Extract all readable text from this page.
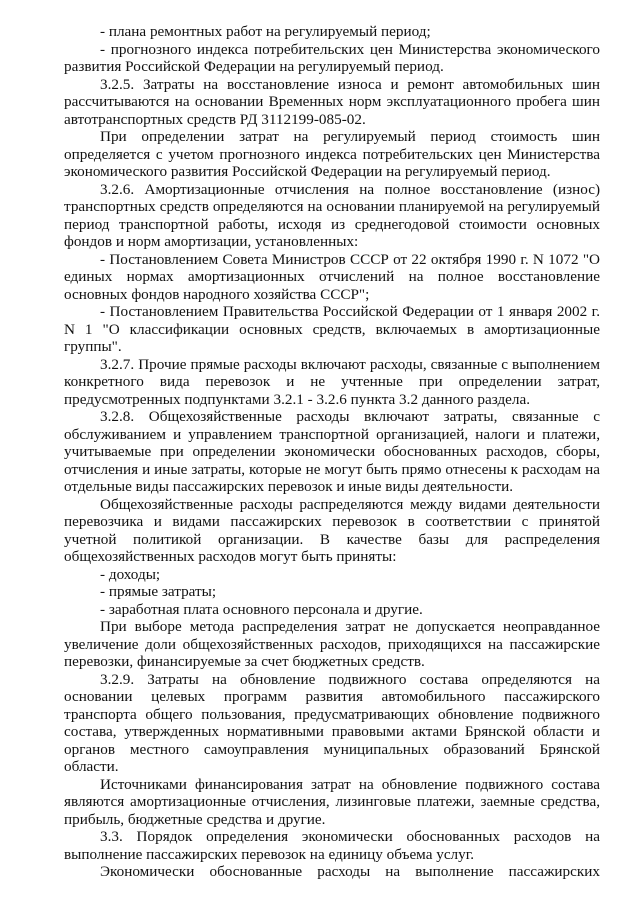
- плана ремонтных работ на регулируемый период;

- прогнозного индекса потребительских цен Министерства экономического развития Российской Федерации на регулируемый период.

3.2.5. Затраты на восстановление износа и ремонт автомобильных шин рассчитываются на основании Временных норм эксплуатационного пробега шин автотранспортных средств РД 3112199-085-02.

При определении затрат на регулируемый период стоимость шин определяется с учетом прогнозного индекса потребительских цен Министерства экономического развития Российской Федерации на регулируемый период.

3.2.6. Амортизационные отчисления на полное восстановление (износ) транспортных средств определяются на основании планируемой на регулируемый период транспортной работы, исходя из среднегодовой стоимости основных фондов и норм амортизации, установленных:

- Постановлением Совета Министров СССР от 22 октября 1990 г. N 1072 "О единых нормах амортизационных отчислений на полное восстановление основных фондов народного хозяйства СССР";

- Постановлением Правительства Российской Федерации от 1 января 2002 г. N 1 "О классификации основных средств, включаемых в амортизационные группы".

3.2.7. Прочие прямые расходы включают расходы, связанные с выполнением конкретного вида перевозок и не учтенные при определении затрат, предусмотренных подпунктами 3.2.1 - 3.2.6 пункта 3.2 данного раздела.

3.2.8. Общехозяйственные расходы включают затраты, связанные с обслуживанием и управлением транспортной организацией, налоги и платежи, учитываемые при определении экономически обоснованных расходов, сборы, отчисления и иные затраты, которые не могут быть прямо отнесены к расходам на отдельные виды пассажирских перевозок и иные виды деятельности.

Общехозяйственные расходы распределяются между видами деятельности перевозчика и видами пассажирских перевозок в соответствии с принятой учетной политикой организации. В качестве базы для распределения общехозяйственных расходов могут быть приняты:

- доходы;

- прямые затраты;

- заработная плата основного персонала и другие.

При выборе метода распределения затрат не допускается неоправданное увеличение доли общехозяйственных расходов, приходящихся на пассажирские перевозки, финансируемые за счет бюджетных средств.

3.2.9. Затраты на обновление подвижного состава определяются на основании целевых программ развития автомобильного пассажирского транспорта общего пользования, предусматривающих обновление подвижного состава, утвержденных нормативными правовыми актами Брянской области и органов местного самоуправления муниципальных образований Брянской области.

Источниками финансирования затрат на обновление подвижного состава являются амортизационные отчисления, лизинговые платежи, заемные средства, прибыль, бюджетные средства и другие.

3.3. Порядок определения экономически обоснованных расходов на выполнение пассажирских перевозок на единицу объема услуг.

Экономически обоснованные расходы на выполнение пассажирских
